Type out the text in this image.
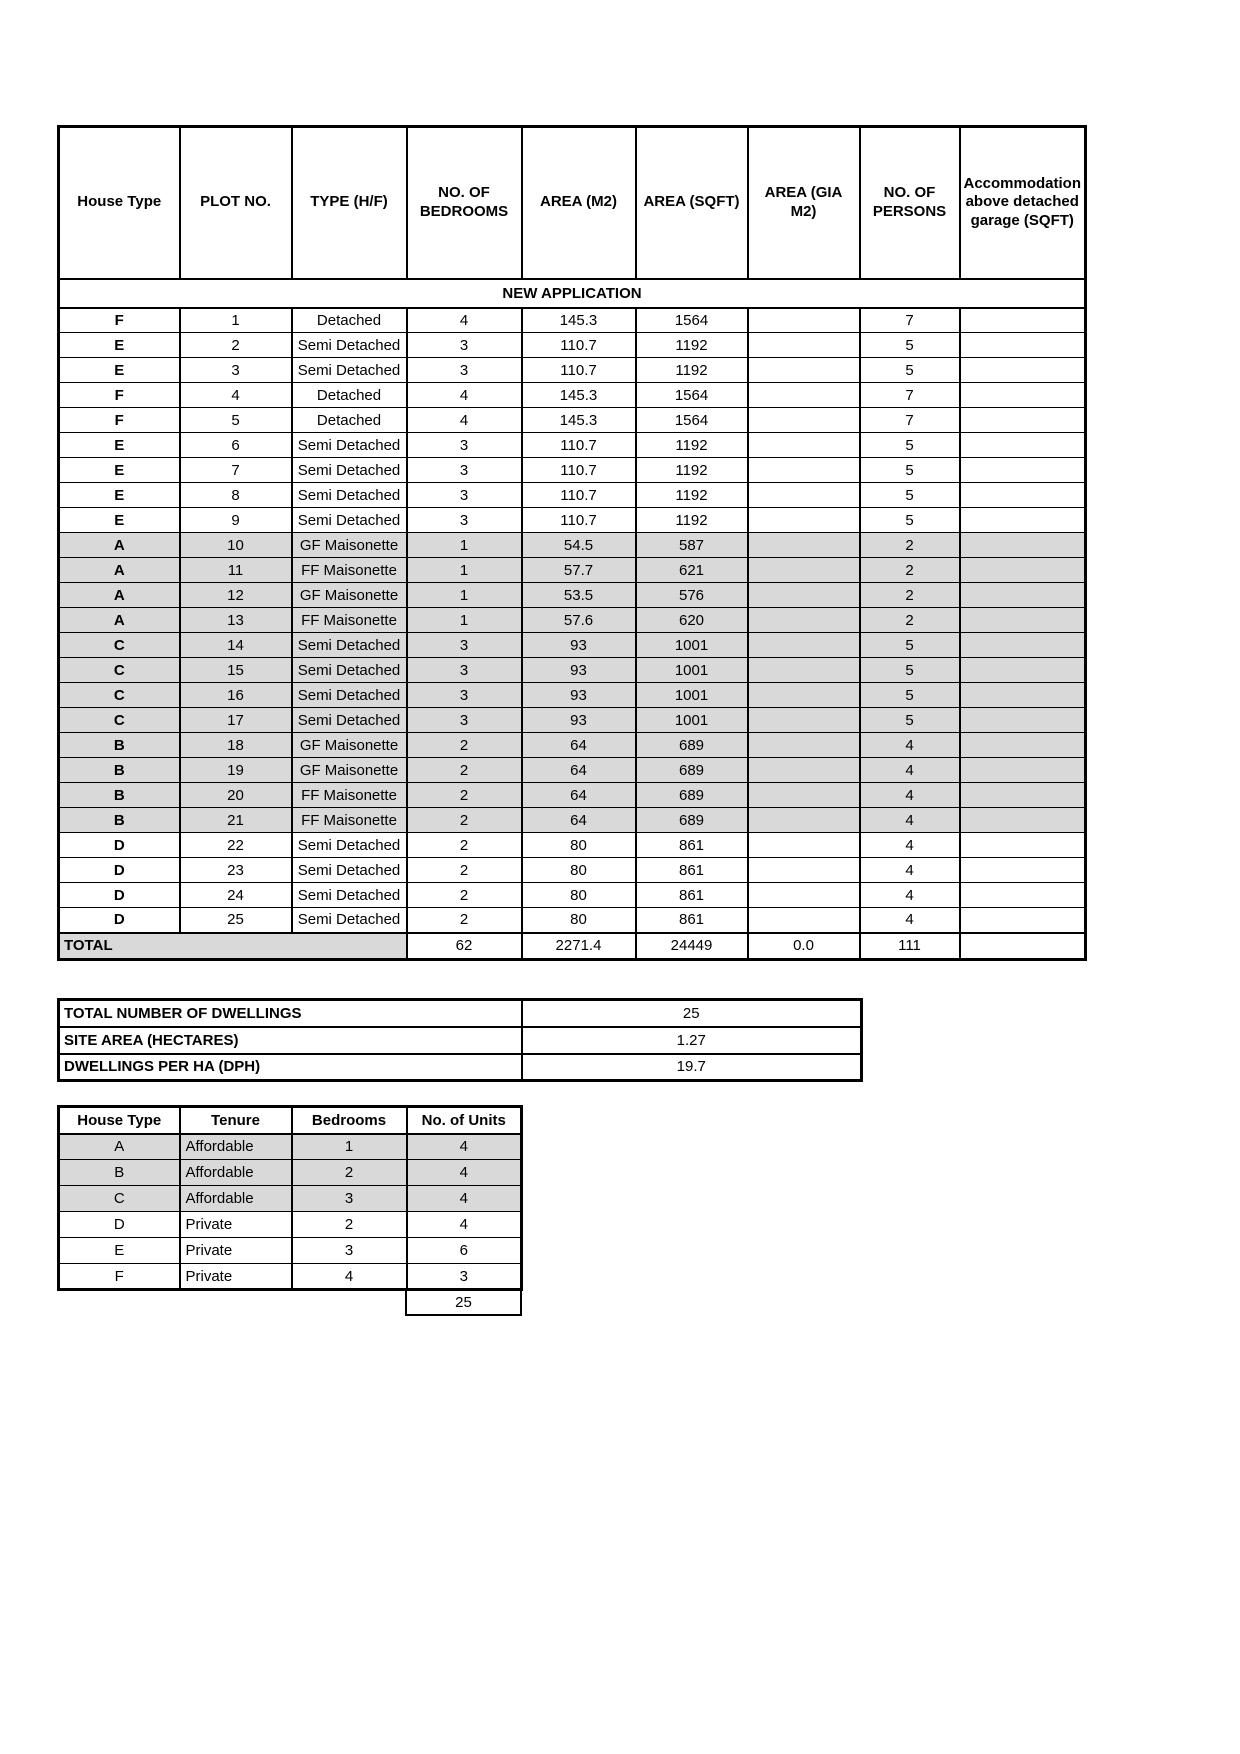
House Type	PLOT NO.	TYPE (H/F)	NO. OF BEDROOMS	AREA (M2)	AREA (SQFT)	AREA (GIA M2)	NO. OF PERSONS	Accommodation above detached garage (SQFT)
NEW APPLICATION								
F	1	Detached	4	145.3	1564		7	
E	2	Semi Detached	3	110.7	1192		5	
E	3	Semi Detached	3	110.7	1192		5	
F	4	Detached	4	145.3	1564		7	
F	5	Detached	4	145.3	1564		7	
E	6	Semi Detached	3	110.7	1192		5	
E	7	Semi Detached	3	110.7	1192		5	
E	8	Semi Detached	3	110.7	1192		5	
E	9	Semi Detached	3	110.7	1192		5	
A	10	GF Maisonette	1	54.5	587		2	
A	11	FF Maisonette	1	57.7	621		2	
A	12	GF Maisonette	1	53.5	576		2	
A	13	FF Maisonette	1	57.6	620		2	
C	14	Semi Detached	3	93	1001		5	
C	15	Semi Detached	3	93	1001		5	
C	16	Semi Detached	3	93	1001		5	
C	17	Semi Detached	3	93	1001		5	
B	18	GF Maisonette	2	64	689		4	
B	19	GF Maisonette	2	64	689		4	
B	20	FF Maisonette	2	64	689		4	
B	21	FF Maisonette	2	64	689		4	
D	22	Semi Detached	2	80	861		4	
D	23	Semi Detached	2	80	861		4	
D	24	Semi Detached	2	80	861		4	
D	25	Semi Detached	2	80	861		4	
TOTAL			62	2271.4	24449	0.0	111	
TOTAL NUMBER OF DWELLINGS	25
SITE AREA (HECTARES)	1.27
DWELLINGS PER HA (DPH)	19.7
House Type	Tenure	Bedrooms	No. of Units
A	Affordable	1	4
B	Affordable	2	4
C	Affordable	3	4
D	Private	2	4
E	Private	3	6
F	Private	4	3
25
